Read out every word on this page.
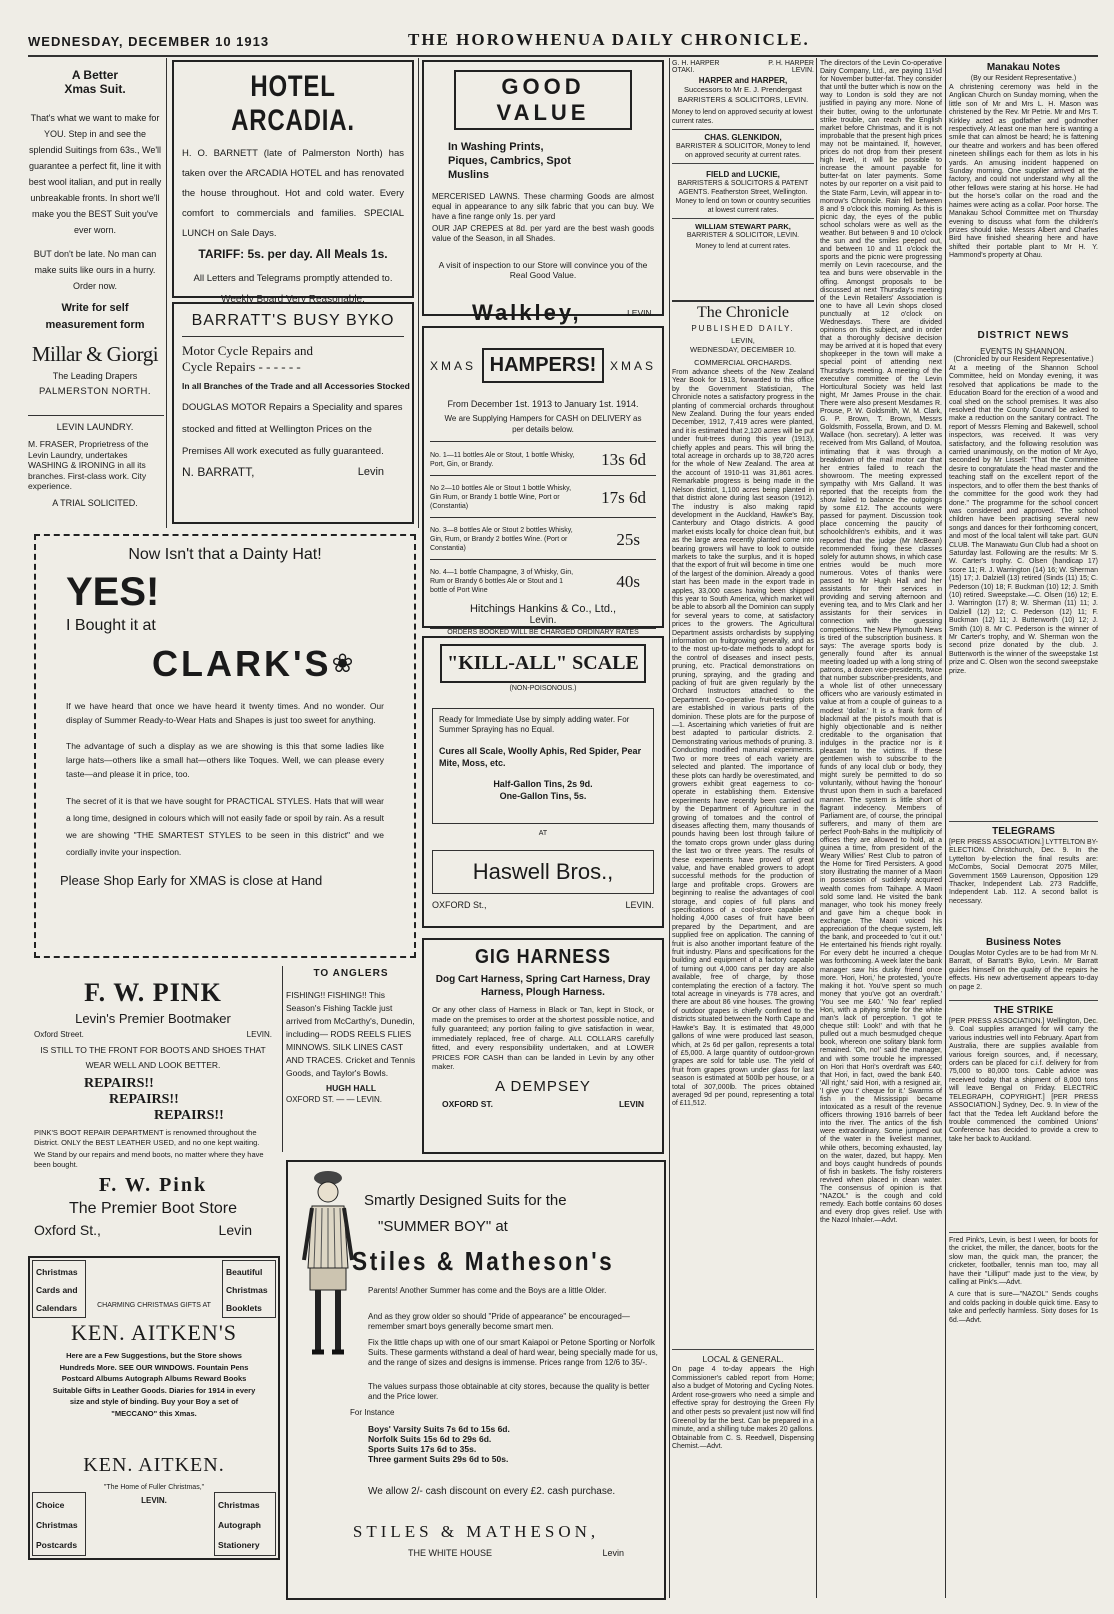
WEDNESDAY, DECEMBER 10 1913	THE HOROWHENUA DAILY CHRONICLE.
A Better
Xmas Suit.
That's what we want to make for YOU. Step in and see the splendid Suitings from 63s., We'll guarantee a perfect fit, line it with best wool italian, and put in really unbreakable fronts. In short we'll make you the BEST Suit you've ever worn.
BUT don't be late. No man can make suits like ours in a hurry. Order now.
Write for self measurement form
Millar & Giorgi
The Leading Drapers
PALMERSTON NORTH.
LEVIN LAUNDRY.
M. FRASER, Proprietress of the Levin Laundry, undertakes WASHING & IRONING in all its branches. First-class work. City experience.
A TRIAL SOLICITED.
HOTEL ARCADIA.
H. O. BARNETT (late of Palmerston North) has taken over the ARCADIA HOTEL and has renovated the house throughout. Hot and cold water. Every comfort to commercials and families. SPECIAL LUNCH on Sale Days.
TARIFF: 5s. per day. All Meals 1s.
All Letters and Telegrams promptly attended to.
Weekly Board Very Reasonable.
BARRATT'S BUSY BYKO
Motor Cycle Repairs and
Cycle Repairs - - - - - -
In all Branches of the Trade and all Accessories Stocked
DOUGLAS MOTOR Repairs a Speciality and spares stocked and fitted at Wellington Prices on the Premises All work executed as fully guaranteed.
N. BARRATT,	Levin
Now Isn't that a Dainty Hat!
YES!
I Bought it at
CLARK'S ❀
If we have heard that once we have heard it twenty times. And no wonder. Our display of Summer Ready-to-Wear Hats and Shapes is just too sweet for anything.
The advantage of such a display as we are showing is this that some ladies like large hats—others like a small hat—others like Toques. Well, we can please every taste—and please it in price, too.
The secret of it is that we have sought for PRACTICAL STYLES. Hats that will wear a long time, designed in colours which will not easily fade or spoil by rain. As a result we are showing "THE SMARTEST STYLES to be seen in this district" and we cordially invite your inspection.
Please Shop Early for XMAS is close at Hand
F. W. PINK
Levin's Premier Bootmaker
Oxford Street.	LEVIN.
IS STILL TO THE FRONT FOR BOOTS AND SHOES THAT WEAR WELL AND LOOK BETTER.
REPAIRS!!
REPAIRS!!
REPAIRS!!
PINK'S BOOT REPAIR DEPARTMENT is renowned throughout the District. ONLY the BEST LEATHER USED, and no one kept waiting.
We Stand by our repairs and mend boots, no matter where they have been bought.
F. W. Pink
The Premier Boot Store
Oxford St.,	Levin
TO ANGLERS
FISHING!! FISHING!! This Season's Fishing Tackle just arrived from McCarthy's, Dunedin, including— RODS REELS FLIES MINNOWS. SILK LINES CAST AND TRACES. Cricket and Tennis Goods, and Taylor's Bowls.
HUGH HALL
OXFORD ST. — — LEVIN.
Christmas
Cards and
Calendars
Beautiful
Christmas
Booklets
CHARMING CHRISTMAS GIFTS AT
KEN. AITKEN'S
Here are a Few Suggestions, but the Store shows Hundreds More. SEE OUR WINDOWS. Fountain Pens Postcard Albums Autograph Albums Reward Books Suitable Gifts in Leather Goods. Diaries for 1914 in every size and style of binding. Buy your Boy a set of "MECCANO" this Xmas.
KEN. AITKEN.
"The Home of Fuller Christmas,"
LEVIN.
Choice
Christmas
Postcards
Christmas
Autograph
Stationery
GOOD VALUE
In Washing Prints, Piques, Cambrics, Spot Muslins
MERCERISED LAWNS. These charming Goods are almost equal in appearance to any silk fabric that you can buy. We have a fine range only 1s. per yard
OUR JAP CREPES at 8d. per yard are the best wash goods value of the Season, in all Shades.
A visit of inspection to our Store will convince you of the Real Good Value.
Walkley,	LEVIN.
XMAS HAMPERS!	XMAS
From December 1st. 1913 to January 1st. 1914.
We are Supplying Hampers for CASH on DELIVERY as per details below.
No. 1—11 bottles Ale or Stout, 1 bottle Whisky, Port, Gin, or Brandy.	13s 6d
No 2—10 bottles Ale or Stout 1 bottle Whisky, Gin Rum, or Brandy 1 bottle Wine, Port or (Constantia)	17s 6d
No. 3—8 bottles Ale or Stout 2 bottles Whisky, Gin, Rum, or Brandy 2 bottles Wine. (Port or Constantia)	25s
No. 4—1 bottle Champagne, 3 of Whisky, Gin, Rum or Brandy 6 bottles Ale or Stout and 1 bottle of Port Wine	40s
Hitchings Hankins & Co., Ltd.,
Levin.
ORDERS BOOKED WILL BE CHARGED ORDINARY RATES
"KILL-ALL" SCALE
(NON-POISONOUS.)
Ready for Immediate Use by simply adding water. For Summer Spraying has no Equal.
Cures all Scale, Woolly Aphis, Red Spider, Pear Mite, Moss, etc.
Half-Gallon Tins, 2s 9d.
One-Gallon Tins, 5s.
AT
Haswell Bros.,
OXFORD St.,	LEVIN.
GIG HARNESS
Dog Cart Harness, Spring Cart Harness, Dray Harness, Plough Harness.
Or any other class of Harness in Black or Tan, kept in Stock, or made on the premises to order at the shortest possible notice, and fully guaranteed; any portion failing to give satisfaction in wear, immediately replaced, free of charge. ALL COLLARS carefully fitted, and every responsibility undertaken, and at LOWER PRICES FOR CASH than can be landed in Levin by any other maker.
A DEMPSEY
OXFORD ST.	LEVIN
Smartly Designed Suits for the
"SUMMER BOY" at
Stiles & Matheson's
Parents! Another Summer has come and the Boys are a little Older.
And as they grow older so should "Pride of appearance" be encouraged—remember smart boys generally become smart men.
Fix the little chaps up with one of our smart Kaiapoi or Petone Sporting or Norfolk Suits. These garments withstand a deal of hard wear, being specially made for us, and the range of sizes and designs is immense. Prices range from 12/6 to 35/-.
The values surpass those obtainable at city stores, because the quality is better and the Price lower.
For Instance
Boys' Varsity Suits 7s 6d to 15s 6d.
Norfolk Suits 15s 6d to 29s 6d.
Sports Suits 17s 6d to 35s.
Three garment Suits 29s 6d to 50s.
We allow 2/- cash discount on every £2. cash purchase.
STILES & MATHESON,
THE WHITE HOUSE	Levin
G. H. HARPER	P. H. HARPER
OTAKI.	LEVIN.
HARPER and HARPER,
Successors to Mr E. J. Prendergast BARRISTERS & SOLICITORS, LEVIN.
Money to lend on approved security at lowest current rates.
CHAS. GLENKIDON,
BARRISTER & SOLICITOR, Money to lend on approved security at current rates.
FIELD and LUCKIE,
BARRISTERS & SOLICITORS & PATENT AGENTS. Featherston Street, Wellington. Money to lend on town or country securities at lowest current rates.
WILLIAM STEWART PARK,
BARRISTER & SOLICITOR, LEVIN.
Money to lend at current rates.
The Chronicle
PUBLISHED DAILY.
LEVIN,
WEDNESDAY, DECEMBER 10.
COMMERCIAL ORCHARDS.
From advance sheets of the New Zealand Year Book for 1913, forwarded to this office by the Government Statistician, The Chronicle notes a satisfactory progress in the planting of commercial orchards throughout New Zealand. During the four years ended December, 1912, 7,419 acres were planted, and it is estimated that 2,120 acres will be put under fruit-trees during this year (1913), chiefly apples and pears. This will bring the total acreage in orchards up to 38,720 acres for the whole of New Zealand. The area at the account of 1910-11 was 31,861 acres. Remarkable progress is being made in the Nelson district, 1,100 acres being planted in that district alone during last season (1912). The industry is also making rapid development in the Auckland, Hawke's Bay, Canterbury and Otago districts. A good market exists locally for choice clean fruit, but as the large area recently planted come into bearing growers will have to look to outside markets to take the surplus, and it is hoped that the export of fruit will become in time one of the largest of the dominion. Already a good start has been made in the export trade in apples, 33,000 cases having been shipped this year to South America, which market will be able to absorb all the Dominion can supply for several years to come, at satisfactory prices to the growers. The Agricultural Department assists orchardists by supplying information on fruitgrowing generally, and as to the most up-to-date methods to adopt for the control of diseases and insect pests, pruning, etc. Practical demonstrations on pruning, spraying, and the grading and packing of fruit are given regularly by the Orchard Instructors attached to the Department. Co-operative fruit-testing plots are established in various parts of the dominion. These plots are for the purpose of—1. Ascertaining which varieties of fruit are best adapted to particular districts. 2. Demonstrating various methods of pruning. 3. Conducting modified manurial experiments. Two or more trees of each variety are selected and planted. The importance of these plots can hardly be overestimated, and growers exhibit great eagerness to co-operate in establishing them. Extensive experiments have recently been carried out by the Department of Agriculture in the growing of tomatoes and the control of diseases affecting them, many thousands of pounds having been lost through failure of the tomato crops grown under glass during the last two or three years. The results of these experiments have proved of great value, and have enabled growers to adopt successful methods for the production of large and profitable crops. Growers are beginning to realise the advantages of cool storage, and copies of full plans and specifications of a cool-store capable of holding 4,000 cases of fruit have been prepared by the Department, and are supplied free on application. The canning of fruit is also another important feature of the fruit industry. Plans and specifications for the building and equipment of a factory capable of turning out 4,000 cans per day are also available, free of charge, by those contemplating the erection of a factory. The total acreage in vineyards is 778 acres, and there are about 86 vine houses. The growing of outdoor grapes is chiefly confined to the districts situated between the North Cape and Hawke's Bay. It is estimated that 49,000 gallons of wine were produced last season, which, at 2s 6d per gallon, represents a total of £5,000. A large quantity of outdoor-grown grapes are sold for table use. The yield of fruit from grapes grown under glass for last season is estimated at 500lb per house, or a total of 307,000lb. The prices obtained averaged 9d per pound, representing a total of £11,512.
LOCAL & GENERAL.
On page 4 to-day appears the High Commissioner's cabled report from Home; also a budget of Motoring and Cycling Notes. Ardent rose-growers who need a simple and effective spray for destroying the Green Fly and other pests so prevalent just now will find Greenol by far the best. Can be prepared in a minute, and a shilling tube makes 20 gallons. Obtainable from C. S. Reedwell, Dispensing Chemist.—Advt.
The directors of the Levin Co-operative Dairy Company, Ltd., are paying 11½d for November butter-fat. They consider that until the butter which is now on the way to London is sold they are not justified in paying any more. None of their butter, owing to the unfortunate strike trouble, can reach the English market before Christmas, and it is not improbable that the present high prices may not be maintained. If, however, prices do not drop from their present high level, it will be possible to increase the amount payable for butter-fat on later payments. Some notes by our reporter on a visit paid to the State Farm, Levin, will appear in to-morrow's Chronicle. Rain fell between 8 and 9 o'clock this morning. As this is picnic day, the eyes of the public school scholars were as well as the weather. But between 9 and 10 o'clock the sun and the smiles peeped out, and between 10 and 11 o'clock the sports and the picnic were progressing merrily on Levin racecourse, and the tea and buns were observable in the offing. Amongst proposals to be discussed at next Thursday's meeting of the Levin Retailers' Association is one to have all Levin shops closed punctually at 12 o'clock on Wednesdays. There are divided opinions on this subject, and in order that a thoroughly decisive decision may be arrived at it is hoped that every shopkeeper in the town will make a special point of attending next Thursday's meeting. A meeting of the executive committee of the Levin Horticultural Society was held last night, Mr James Prouse in the chair. There were also present Mesdames R. Prouse, P. W. Goldsmith, W. M. Clark, G. P. Brown, T. Brown, Messrs Goldsmith, Fossella, Brown, and D. M. Wallace (hon. secretary). A letter was received from Mrs Galland, of Moutoa, intimating that it was through a breakdown of the mail motor car that her entries failed to reach the showroom. The meeting expressed sympathy with Mrs Galland. It was reported that the receipts from the show failed to balance the outgoings by some £12. The accounts were passed for payment. Discussion took place concerning the paucity of schoolchildren's exhibits, and it was reported that the judge (Mr McBean) recommended fixing these classes solely for autumn shows, in which case entries would be much more numerous. Votes of thanks were passed to Mr Hugh Hall and her assistants for their services in providing and serving afternoon and evening tea, and to Mrs Clark and her assistants for their services in connection with the guessing competitions. The New Plymouth News is tired of the subscription business. It says: The average sports body is generally found after its annual meeting loaded up with a long string of patrons, a dozen vice-presidents, twice that number subscriber-presidents, and a whole list of other unnecessary officers who are variously estimated in value at from a couple of guineas to a modest 'dollar.' It is a frank form of blackmail at the pistol's mouth that is highly objectionable and is neither creditable to the organisation that indulges in the practice nor is it pleasant to the victims. If these gentlemen wish to subscribe to the funds of any local club or body, they might surely be permitted to do so voluntarily, without having the 'honour' thrust upon them in such a barefaced manner. The system is little short of flagrant indecency. Members of Parliament are, of course, the principal sufferers, and many of them are perfect Pooh-Bahs in the multiplicity of offices they are allowed to hold, at a guinea a time, from president of the Weary Willies' Rest Club to patron of the Home for Tired Persisters. A good story illustrating the manner of a Maori in possession of suddenly acquired wealth comes from Taihape. A Maori sold some land. He visited the bank manager, who took his money freely and gave him a cheque book in exchange. The Maori voiced his appreciation of the cheque system, left the bank, and proceeded to 'cut it out.' He entertained his friends right royally. For every debt he incurred a cheque was forthcoming. A week later the bank manager saw his dusky friend once more. 'Hori, Hori,' he protested, 'you're making it hot. You've spent so much money that you've got an overdraft.' 'You see me £40.' 'No fear' replied Hori, with a pitying smile for the white man's lack of perception. 'I got te cheque still: Look!' and with that he pulled out a much besmudged cheque book, whereon one solitary blank form remained. 'Oh, no!' said the manager, and with some trouble he impressed on Hori that Hori's overdraft was £40; that Hori, in fact, owed the bank £40. 'All right,' said Hori, with a resigned air, 'I give you t' cheque for it.' Swarms of fish in the Mississippi became intoxicated as a result of the revenue officers throwing 1916 barrels of beer into the river. The antics of the fish were extraordinary. Some jumped out of the water in the liveliest manner, while others, becoming exhausted, lay on the water, dazed, but happy. Men and boys caught hundreds of pounds of fish in baskets. The fishy roisterers revived when placed in clean water. The consensus of opinion is that "NAZOL" is the cough and cold remedy. Each bottle contains 60 doses and every drop gives relief. Use with the Nazol Inhaler.—Advt.
Manakau Notes
(By our Resident Representative.)
A christening ceremony was held in the Anglican Church on Sunday morning, when the little son of Mr and Mrs L. H. Mason was christened by the Rev. Mr Petrie. Mr and Mrs T. Kirkley acted as godfather and godmother respectively. At least one man here is wanting a smile that can almost be heard; he is fattening our theatre and workers and has been offered nineteen shillings each for them as lots in his yards. An amusing incident happened on Sunday morning. One supplier arrived at the factory, and could not understand why all the other fellows were staring at his horse. He had but the horse's collar on the road and the haimes were acting as a collar. Poor horse. The Manakau School Committee met on Thursday evening to discuss what form the children's prizes should take. Messrs Albert and Charles Bird have finished shearing here and have shifted their portable plant to Mr H. Y. Hammond's property at Ohau.
DISTRICT NEWS
EVENTS IN SHANNON.
(Chronicled by our Resident Representative.)
At a meeting of the Shannon School Committee, held on Monday evening, it was resolved that applications be made to the Education Board for the erection of a wood and coal shed on the school premises. It was also resolved that the County Council be asked to make a reduction on the sanitary contract. The report of Messrs Fleming and Bakewell, school inspectors, was received. It was very satisfactory, and the following resolution was carried unanimously, on the motion of Mr Ayo, seconded by Mr Lissell: "That the Committee desire to congratulate the head master and the teaching staff on the excellent report of the inspectors, and to offer them the best thanks of the committee for the good work they had done." The programme for the school concert was considered and approved. The school children have been practising several new songs and dances for their forthcoming concert, and most of the local talent will take part. GUN CLUB. The Manawatu Gun Club had a shoot on Saturday last. Following are the results: Mr S. W. Carter's trophy. C. Olsen (handicap 17) score 11; R. J. Warrington (14) 16; W. Sherman (15) 17; J. Dalziell (13) retired (Sinds (11) 15; C. Pederson (10) 18; F. Buckman (10) 12; J. Smith (10) retired. Sweepstake.—C. Olsen (16) 12; E. J. Warrington (17) 8; W. Sherman (11) 11; J. Dalziell (12) 12; C. Pederson (12) 11; F. Buckman (12) 11; J. Butterworth (10) 12; J. Smith (10) 8. Mr C. Pederson is the winner of Mr Carter's trophy, and W. Sherman won the second prize donated by the club. J. Butterworth is the winner of the sweepstake 1st prize and C. Olsen won the second sweepstake prize.
TELEGRAMS
[PER PRESS ASSOCIATION.] LYTTELTON BY-ELECTION. Christchurch, Dec. 9. In the Lyttelton by-election the final results are: McCombs, Social Democrat 2075 Miller, Government 1569 Laurenson, Opposition 129 Thacker, Independent Lab. 273 Radcliffe, Independent Lab. 112. A second ballot is necessary.
Business Notes
Douglas Motor Cycles are to be had from Mr N. Barratt, of Barratt's Byko, Levin. Mr Barratt guides himself on the quality of the repairs he effects. His new advertisement appears to-day on page 2.
THE STRIKE
[PER PRESS ASSOCIATION.] Wellington, Dec. 9. Coal supplies arranged for will carry the various industries well into February. Apart from Australia, there are supplies available from various foreign sources, and, if necessary, orders can be placed for c.i.f. delivery for from 75,000 to 80,000 tons. Cable advice was received today that a shipment of 8,000 tons will leave Bengal on Friday. ELECTRIC TELEGRAPH, COPYRIGHT.] [PER PRESS ASSOCIATION.] Sydney, Dec. 9. In view of the fact that the Tedea left Auckland before the trouble commenced the combined Unions' Conference has decided to provide a crew to take her back to Auckland.
Fred Pink's, Levin, is best I ween, for boots for the cricket, the miller, the dancer, boots for the slow man, the quick man, the prancer; the cricketer, footballer, tennis man too, may all have their "Lilliput" made just to the view, by calling at Pink's.—Advt.
A cure that is sure—"NAZOL" Sends coughs and colds packing in double quick time. Easy to take and perfectly harmless. Sixty doses for 1s 6d.—Advt.
